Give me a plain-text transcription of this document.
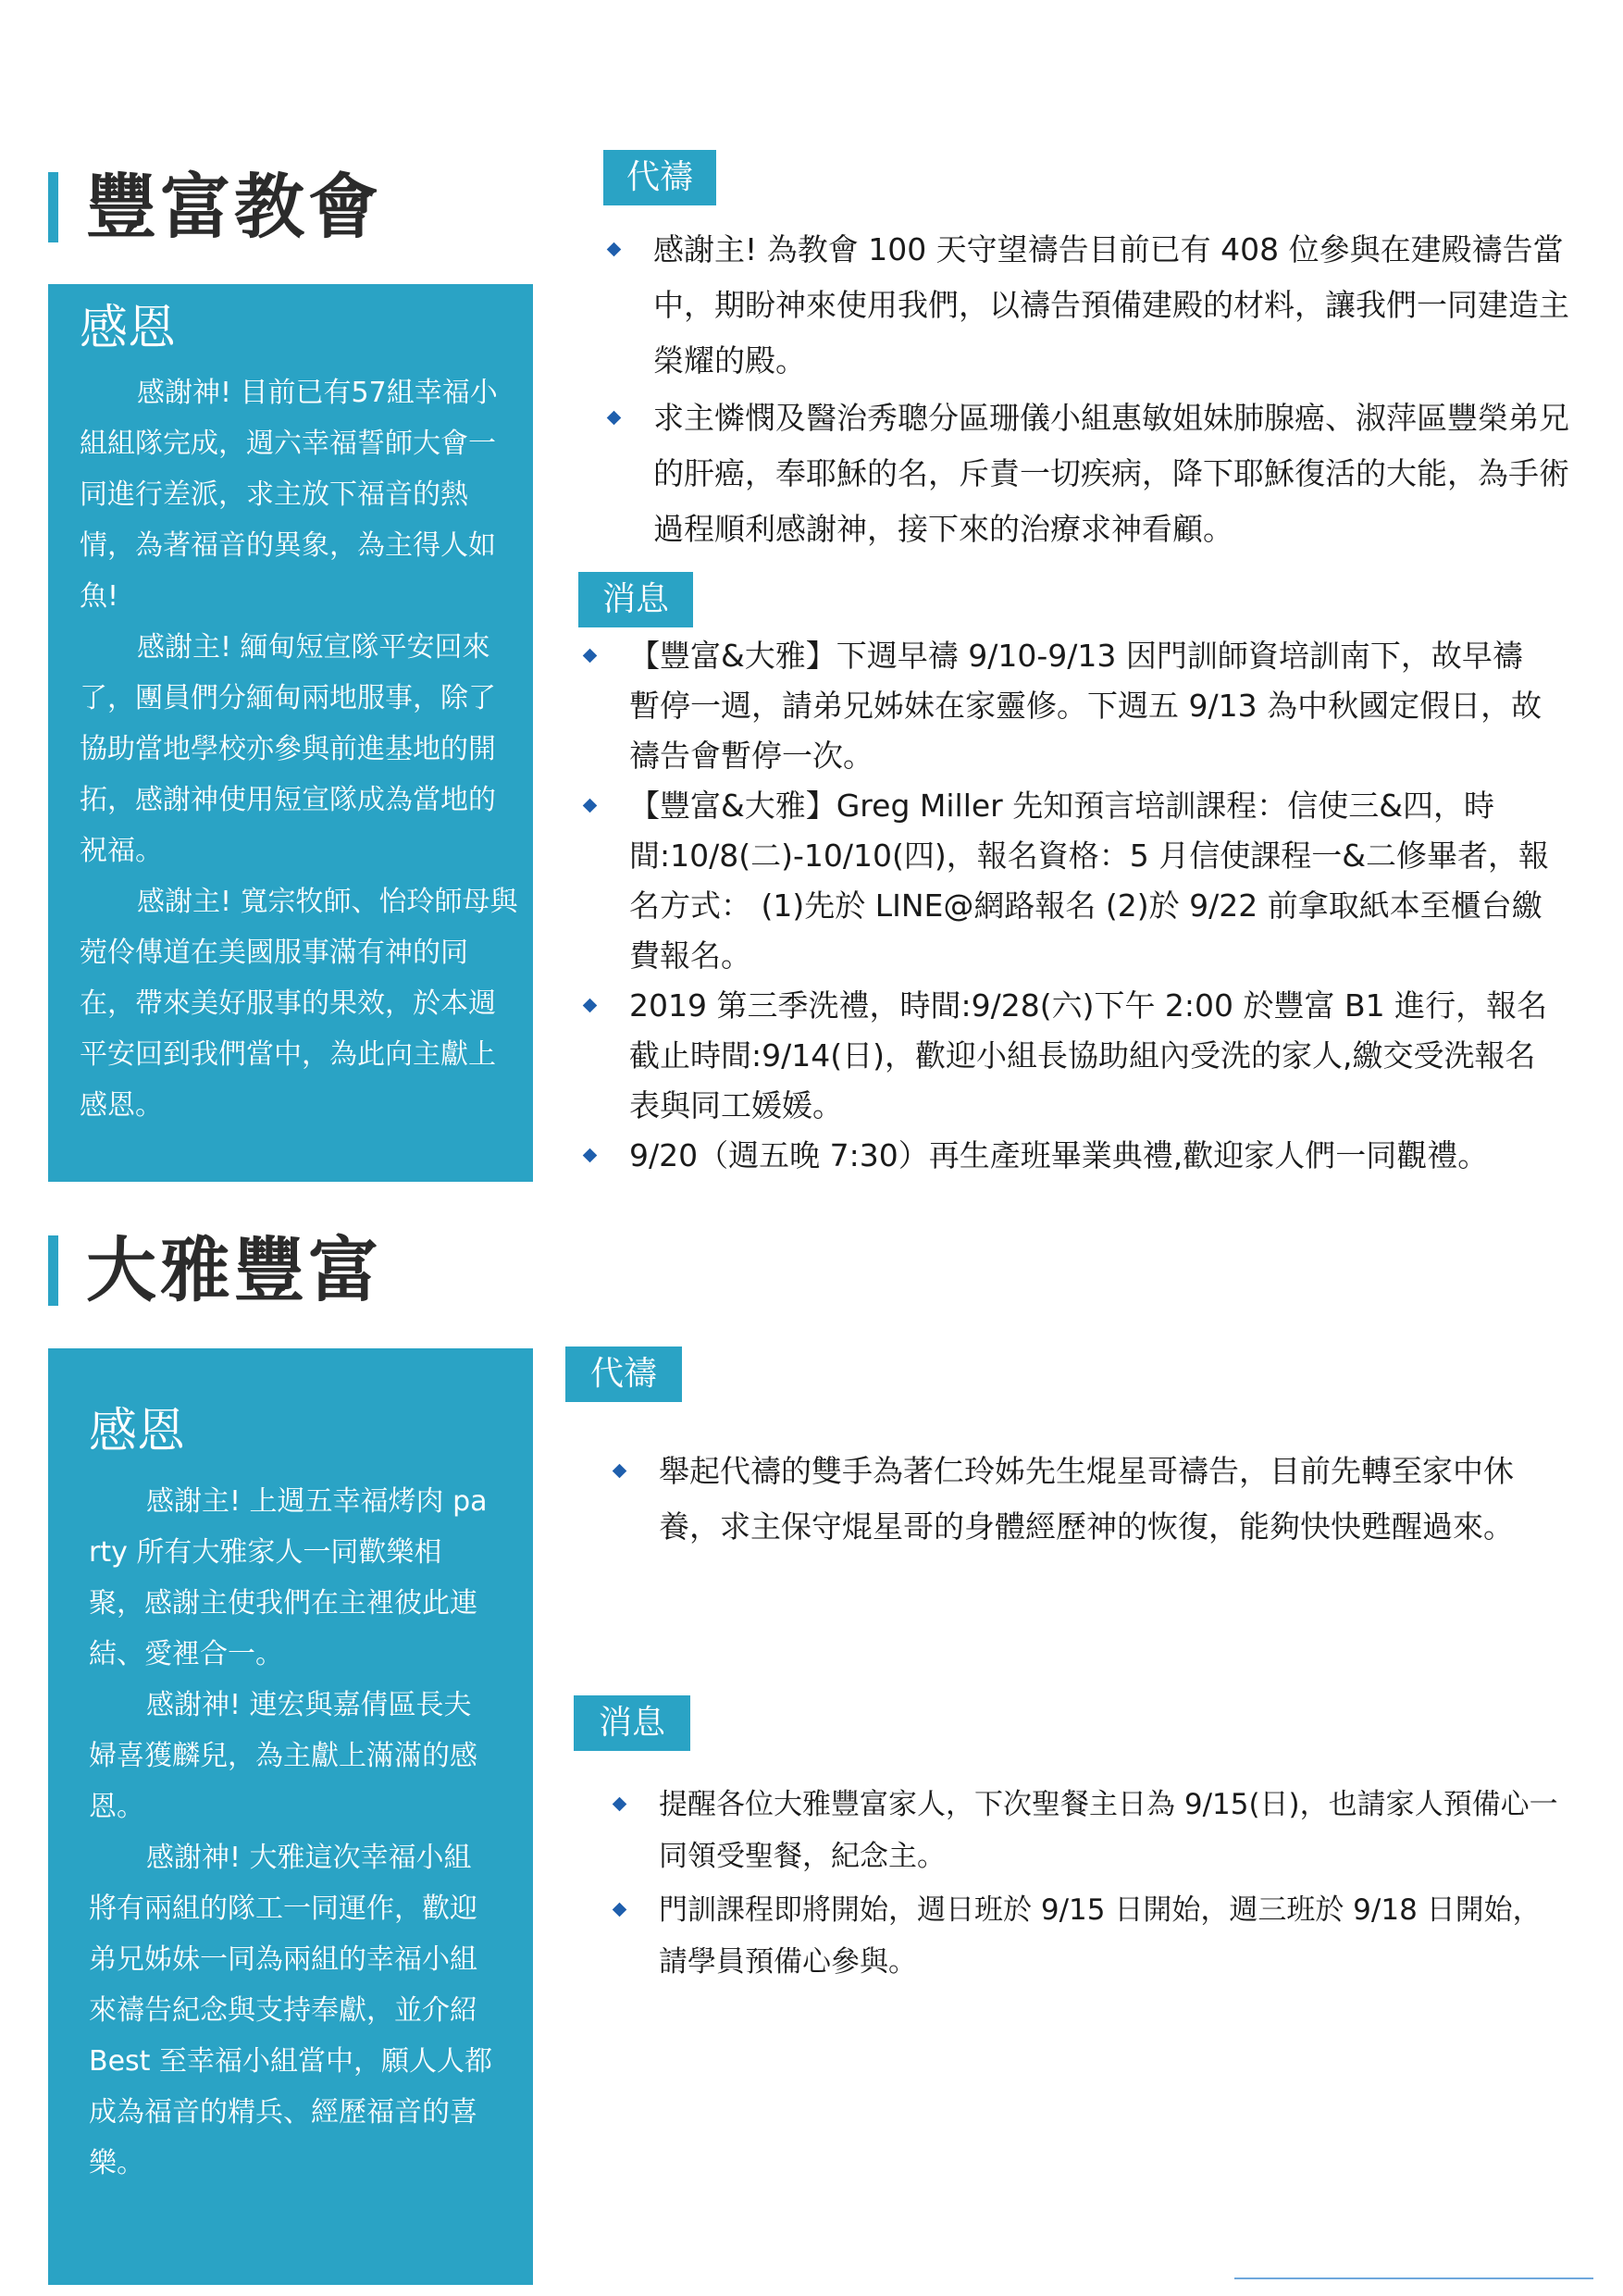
豐富教會
感恩

感謝神! 目前已有57組幸福小組組隊完成，週六幸福誓師大會一同進行差派，求主放下福音的熱情，為著福音的異象，為主得人如魚!

感謝主! 緬甸短宣隊平安回來了，團員們分緬甸兩地服事，除了協助當地學校亦參與前進基地的開拓，感謝神使用短宣隊成為當地的祝福。

感謝主! 寬宗牧師、怡玲師母與菀伶傳道在美國服事滿有神的同在，帶來美好服事的果效，於本週平安回到我們當中，為此向主獻上感恩。

代禱
感謝主! 為教會 100 天守望禱告目前已有 408 位參與在建殿禱告當中，期盼神來使用我們，以禱告預備建殿的材料，讓我們一同建造主榮耀的殿。
求主憐憫及醫治秀聰分區珊儀小組惠敏姐妹肺腺癌、淑萍區豐榮弟兄的肝癌，奉耶穌的名，斥責一切疾病，降下耶穌復活的大能，為手術過程順利感謝神，接下來的治療求神看顧。
消息
【豐富&大雅】下週早禱 9/10-9/13 因門訓師資培訓南下，故早禱暫停一週，請弟兄姊妹在家靈修。下週五 9/13 為中秋國定假日，故禱告會暫停一次。
【豐富&大雅】Greg Miller 先知預言培訓課程：信使三&四，時間:10/8(二)-10/10(四)，報名資格：5 月信使課程一&二修畢者，報名方式： (1)先於 LINE@網路報名 (2)於 9/22 前拿取紙本至櫃台繳費報名。
2019 第三季洗禮，時間:9/28(六)下午 2:00 於豐富 B1 進行，報名截止時間:9/14(日)，歡迎小組長協助組內受洗的家人,繳交受洗報名表與同工媛媛。
9/20（週五晚 7:30）再生產班畢業典禮,歡迎家人們一同觀禮。
大雅豐富
感恩

感謝主! 上週五幸福烤肉 party 所有大雅家人一同歡樂相聚，感謝主使我們在主裡彼此連結、愛裡合一。

感謝神! 連宏與嘉倩區長夫婦喜獲麟兒，為主獻上滿滿的感恩。

感謝神! 大雅這次幸福小組將有兩組的隊工一同運作，歡迎弟兄姊妹一同為兩組的幸福小組來禱告紀念與支持奉獻，並介紹 Best 至幸福小組當中，願人人都成為福音的精兵、經歷福音的喜樂。

代禱
舉起代禱的雙手為著仁玲姊先生焜星哥禱告，目前先轉至家中休養，求主保守焜星哥的身體經歷神的恢復，能夠快快甦醒過來。
消息
提醒各位大雅豐富家人，下次聖餐主日為 9/15(日)，也請家人預備心一同領受聖餐，紀念主。
門訓課程即將開始，週日班於 9/15 日開始，週三班於 9/18 日開始，請學員預備心參與。
